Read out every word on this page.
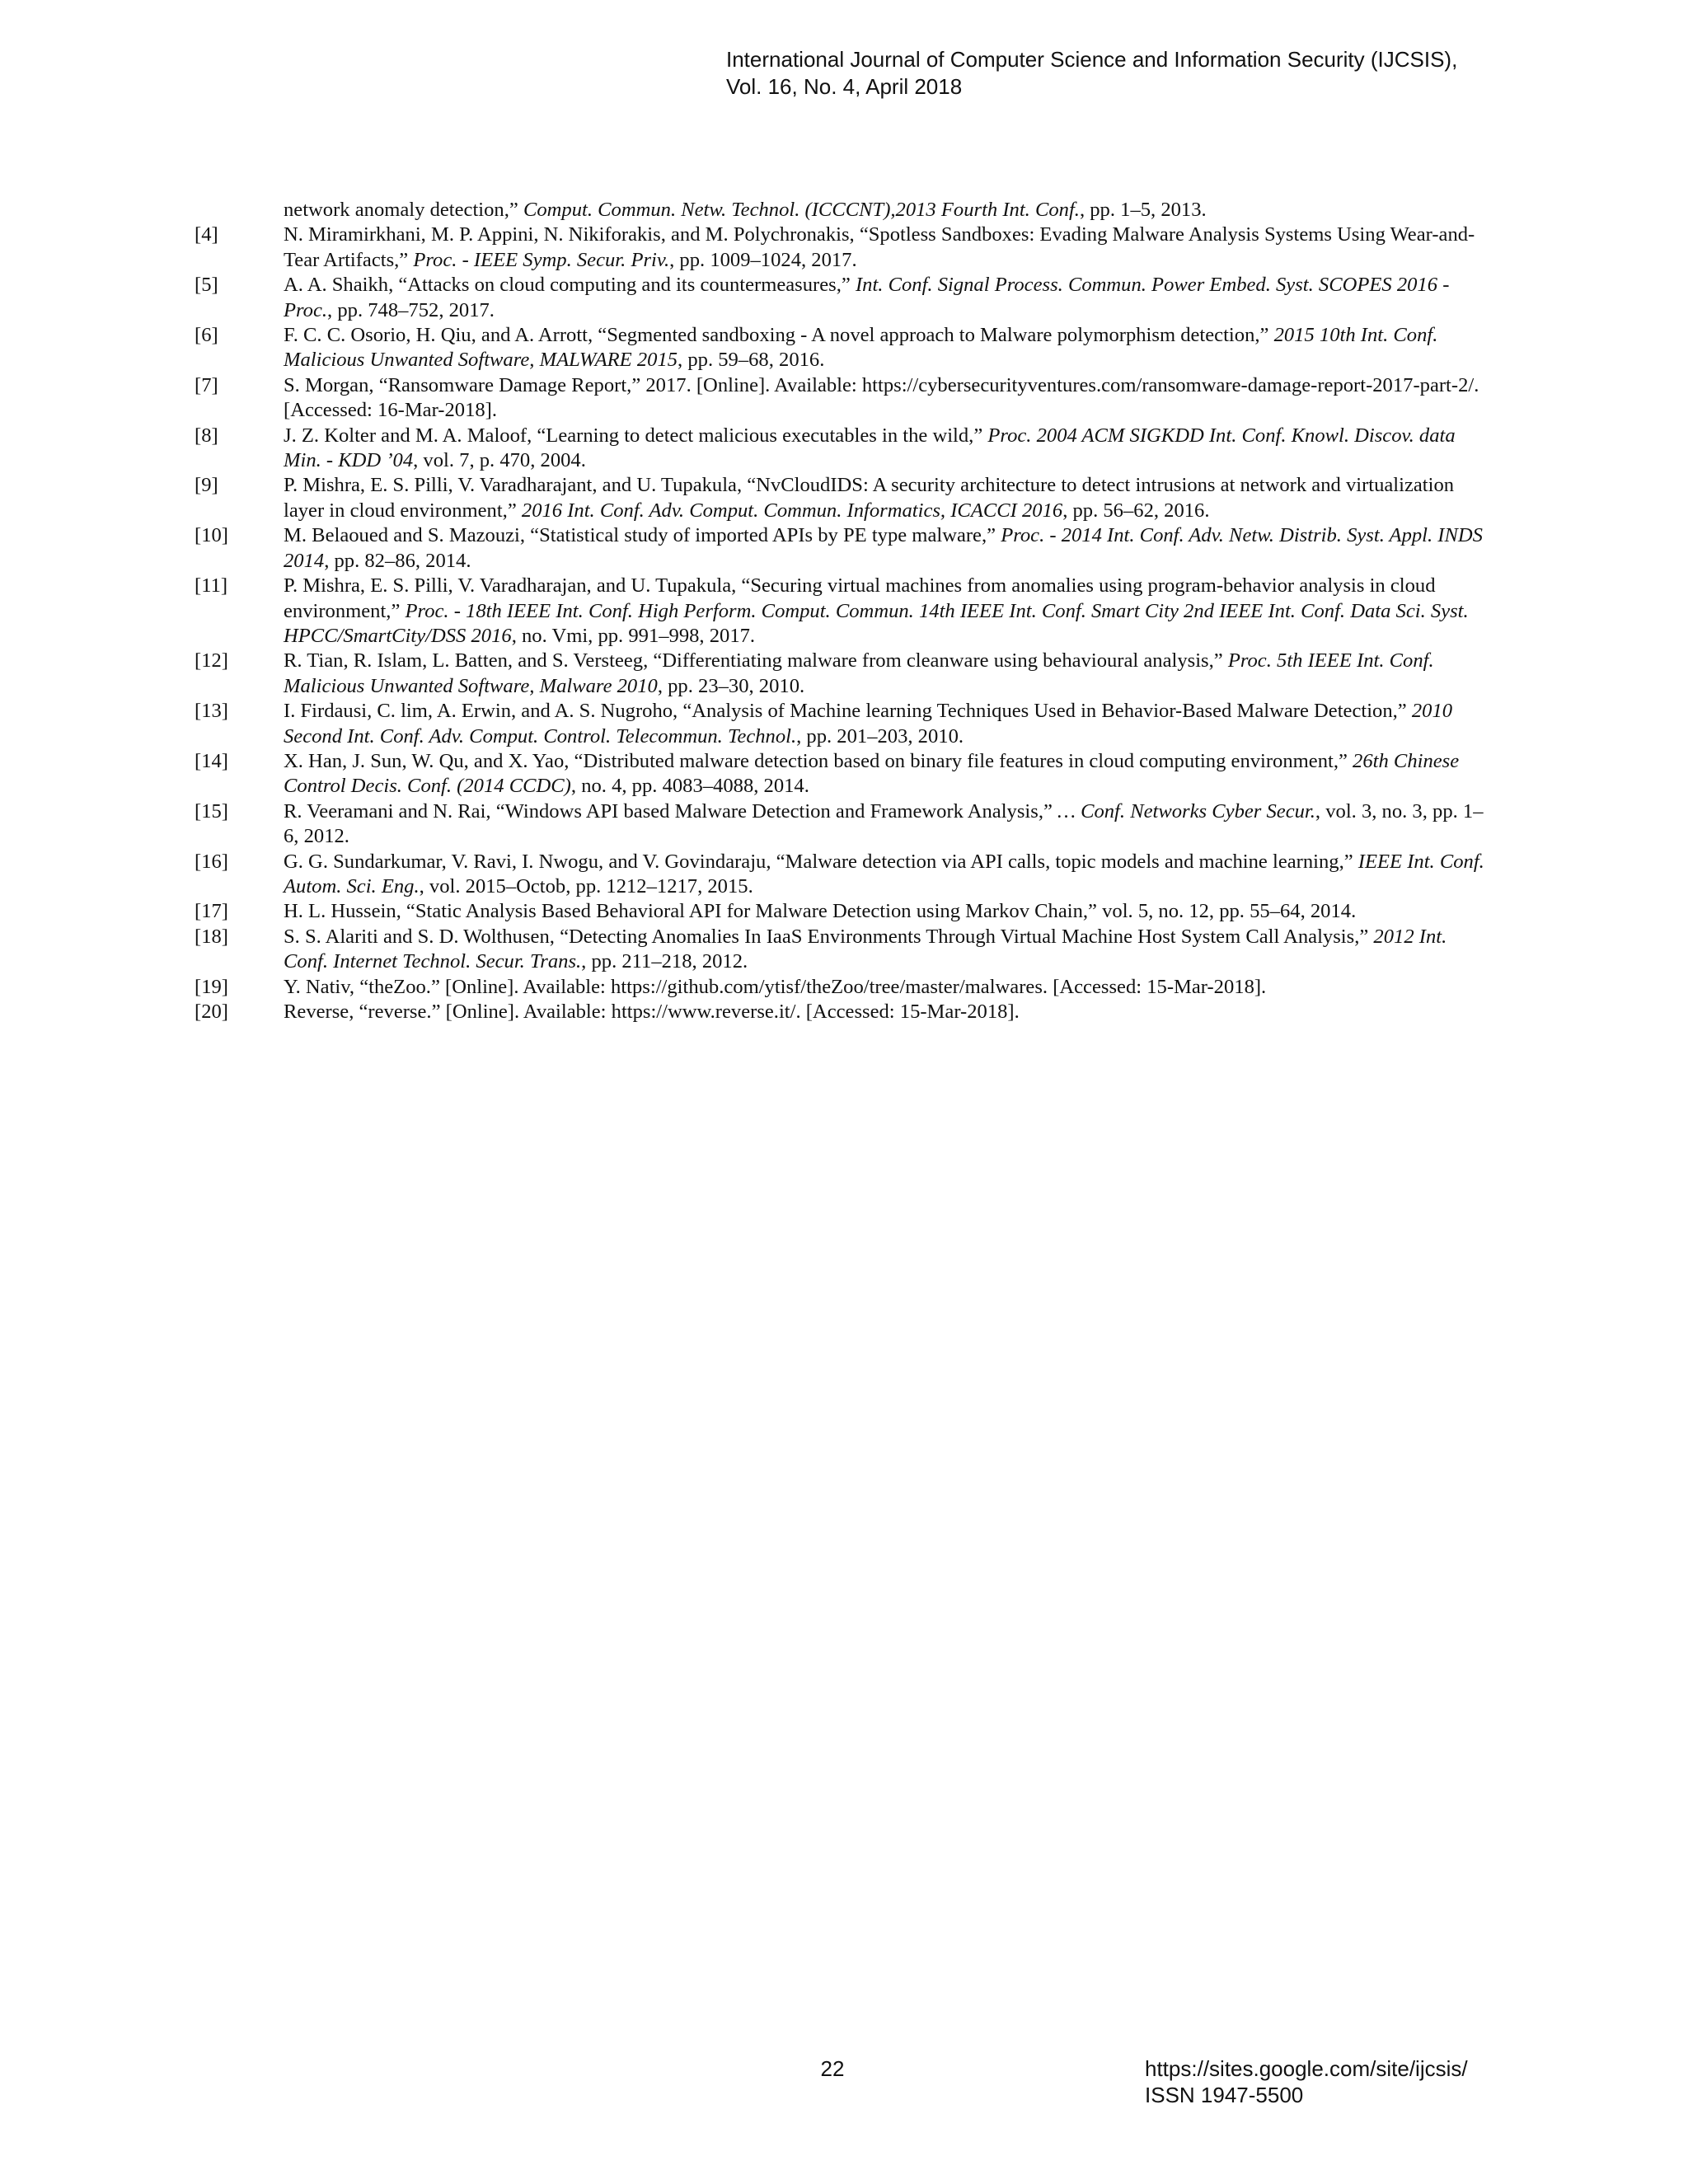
International Journal of Computer Science and Information Security (IJCSIS),
Vol. 16, No. 4, April 2018
network anomaly detection,” Comput. Commun. Netw. Technol. (ICCCNT),2013 Fourth Int. Conf., pp. 1–5, 2013.
[4]	N. Miramirkhani, M. P. Appini, N. Nikiforakis, and M. Polychronakis, “Spotless Sandboxes: Evading Malware Analysis Systems Using Wear-and-Tear Artifacts,” Proc. - IEEE Symp. Secur. Priv., pp. 1009–1024, 2017.
[5]	A. A. Shaikh, “Attacks on cloud computing and its countermeasures,” Int. Conf. Signal Process. Commun. Power Embed. Syst. SCOPES 2016 - Proc., pp. 748–752, 2017.
[6]	F. C. C. Osorio, H. Qiu, and A. Arrott, “Segmented sandboxing - A novel approach to Malware polymorphism detection,” 2015 10th Int. Conf. Malicious Unwanted Software, MALWARE 2015, pp. 59–68, 2016.
[7]	S. Morgan, “Ransomware Damage Report,” 2017. [Online]. Available: https://cybersecurityventures.com/ransomware-damage-report-2017-part-2/. [Accessed: 16-Mar-2018].
[8]	J. Z. Kolter and M. A. Maloof, “Learning to detect malicious executables in the wild,” Proc. 2004 ACM SIGKDD Int. Conf. Knowl. Discov. data Min. - KDD ’04, vol. 7, p. 470, 2004.
[9]	P. Mishra, E. S. Pilli, V. Varadharajant, and U. Tupakula, “NvCloudIDS: A security architecture to detect intrusions at network and virtualization layer in cloud environment,” 2016 Int. Conf. Adv. Comput. Commun. Informatics, ICACCI 2016, pp. 56–62, 2016.
[10]	M. Belaoued and S. Mazouzi, “Statistical study of imported APIs by PE type malware,” Proc. - 2014 Int. Conf. Adv. Netw. Distrib. Syst. Appl. INDS 2014, pp. 82–86, 2014.
[11]	P. Mishra, E. S. Pilli, V. Varadharajan, and U. Tupakula, “Securing virtual machines from anomalies using program-behavior analysis in cloud environment,” Proc. - 18th IEEE Int. Conf. High Perform. Comput. Commun. 14th IEEE Int. Conf. Smart City 2nd IEEE Int. Conf. Data Sci. Syst. HPCC/SmartCity/DSS 2016, no. Vmi, pp. 991–998, 2017.
[12]	R. Tian, R. Islam, L. Batten, and S. Versteeg, “Differentiating malware from cleanware using behavioural analysis,” Proc. 5th IEEE Int. Conf. Malicious Unwanted Software, Malware 2010, pp. 23–30, 2010.
[13]	I. Firdausi, C. lim, A. Erwin, and A. S. Nugroho, “Analysis of Machine learning Techniques Used in Behavior-Based Malware Detection,” 2010 Second Int. Conf. Adv. Comput. Control. Telecommun. Technol., pp. 201–203, 2010.
[14]	X. Han, J. Sun, W. Qu, and X. Yao, “Distributed malware detection based on binary file features in cloud computing environment,” 26th Chinese Control Decis. Conf. (2014 CCDC), no. 4, pp. 4083–4088, 2014.
[15]	R. Veeramani and N. Rai, “Windows API based Malware Detection and Framework Analysis,” … Conf. Networks Cyber Secur., vol. 3, no. 3, pp. 1–6, 2012.
[16]	G. G. Sundarkumar, V. Ravi, I. Nwogu, and V. Govindaraju, “Malware detection via API calls, topic models and machine learning,” IEEE Int. Conf. Autom. Sci. Eng., vol. 2015–Octob, pp. 1212–1217, 2015.
[17]	H. L. Hussein, “Static Analysis Based Behavioral API for Malware Detection using Markov Chain,” vol. 5, no. 12, pp. 55–64, 2014.
[18]	S. S. Alariti and S. D. Wolthusen, “Detecting Anomalies In IaaS Environments Through Virtual Machine Host System Call Analysis,” 2012 Int. Conf. Internet Technol. Secur. Trans., pp. 211–218, 2012.
[19]	Y. Nativ, “theZoo.” [Online]. Available: https://github.com/ytisf/theZoo/tree/master/malwares. [Accessed: 15-Mar-2018].
[20]	Reverse, “reverse.” [Online]. Available: https://www.reverse.it/. [Accessed: 15-Mar-2018].
22	https://sites.google.com/site/ijcsis/
ISSN 1947-5500
